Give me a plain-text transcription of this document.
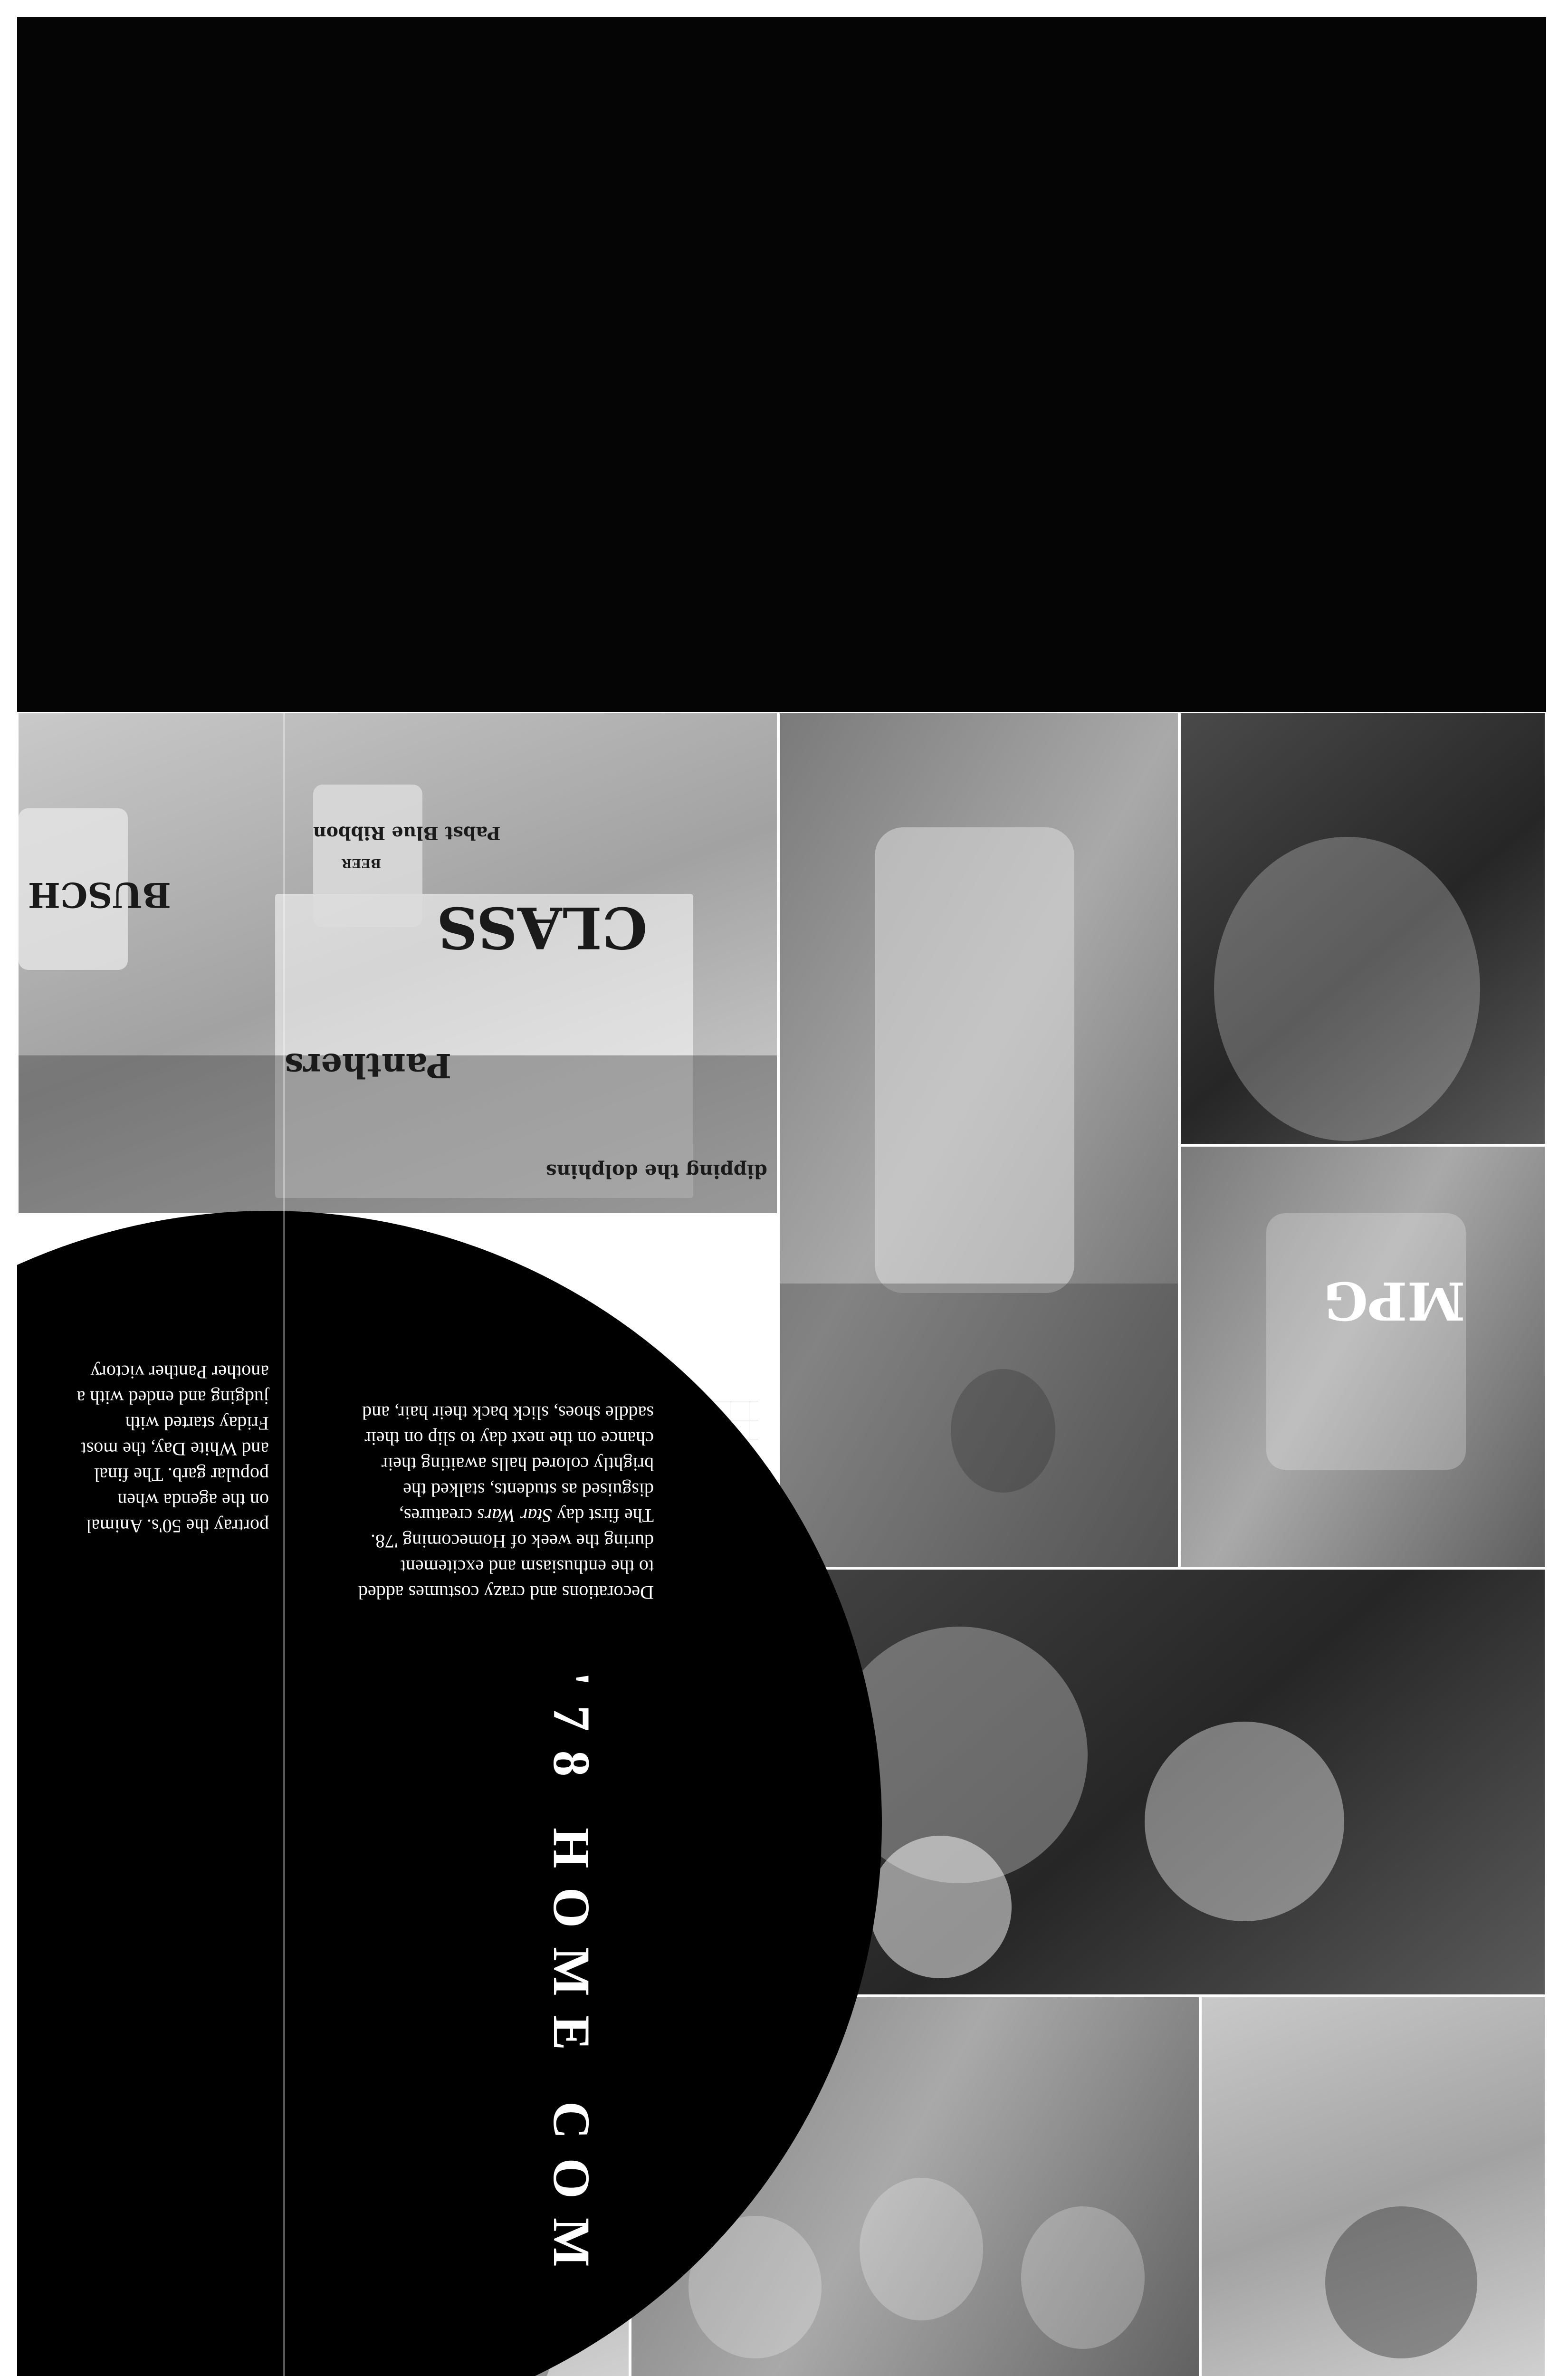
CLASS
Panthers
dipping the dolphins
Pabst Blue Ribbon
BEER
BUSCH
MPG
Decorations and crazy costumes added
to the enthusiasm and excitement
during the week of Homecoming '78.
The first day Star Wars creatures,
disguised as students, stalked the
brightly colored halls awaiting their
chance on the next day to slip on their
saddle shoes, slick back their hair, and
portray the 50's. Animal
on the agenda when
popular garb. The final
and White Day, the most
Friday started with
judging and ended with a
another Panther victory
'78 HOME COM
